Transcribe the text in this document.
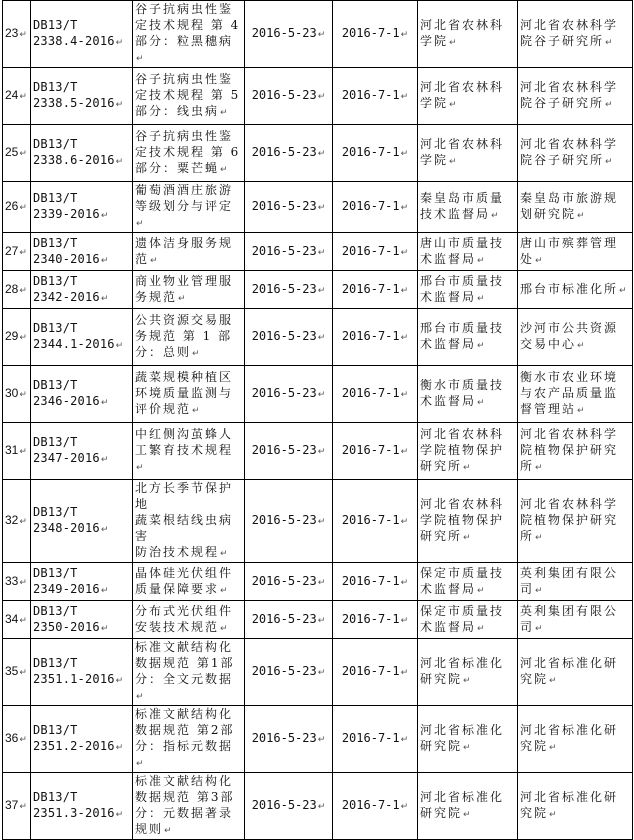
23 ↵	DB13/T
2338.4-2016 ↵	谷子抗病虫性鉴
定技术规程 第 4
部分：粒黑穗病 ↵	2016-5-23 ↵	2016-7-1 ↵	河北省农林科
学院 ↵	河北省农林科学
院谷子研究所 ↵

24 ↵	DB13/T
2338.5-2016 ↵	谷子抗病虫性鉴
定技术规程 第 5
部分：线虫病 ↵	2016-5-23 ↵	2016-7-1 ↵	河北省农林科
学院 ↵	河北省农林科学
院谷子研究所 ↵

25 ↵	DB13/T
2338.6-2016 ↵	谷子抗病虫性鉴
定技术规程 第 6
部分：粟芒蝇 ↵	2016-5-23 ↵	2016-7-1 ↵	河北省农林科
学院 ↵	河北省农林科学
院谷子研究所 ↵

26 ↵	DB13/T
2339-2016 ↵	葡萄酒酒庄旅游
等级划分与评定 ↵	2016-5-23 ↵	2016-7-1 ↵	秦皇岛市质量
技术监督局 ↵	秦皇岛市旅游规
划研究院 ↵

27 ↵	DB13/T
2340-2016 ↵	遗体洁身服务规
范 ↵	2016-5-23 ↵	2016-7-1 ↵	唐山市质量技
术监督局 ↵	唐山市殡葬管理
处 ↵

28 ↵	DB13/T
2342-2016 ↵	商业物业管理服
务规范 ↵	2016-5-23 ↵	2016-7-1 ↵	邢台市质量技
术监督局 ↵	邢台市标准化所 ↵

29 ↵	DB13/T
2344.1-2016 ↵	公共资源交易服
务规范 第 1 部
分：总则 ↵	2016-5-23 ↵	2016-7-1 ↵	邢台市质量技
术监督局 ↵	沙河市公共资源
交易中心 ↵

30 ↵	DB13/T
2346-2016 ↵	蔬菜规模种植区
环境质量监测与
评价规范 ↵	2016-5-23 ↵	2016-7-1 ↵	衡水市质量技
术监督局 ↵	衡水市农业环境
与农产品质量监
督管理站 ↵

31 ↵	DB13/T
2347-2016 ↵	中红侧沟茧蜂人
工繁育技术规程 ↵	2016-5-23 ↵	2016-7-1 ↵	河北省农林科
学院植物保护
研究所 ↵	河北省农林科学
院植物保护研究
所 ↵

32 ↵	DB13/T
2348-2016 ↵	北方长季节保护地
蔬菜根结线虫病害
防治技术规程 ↵	2016-5-23 ↵	2016-7-1 ↵	河北省农林科
学院植物保护
研究所 ↵	河北省农林科学
院植物保护研究
所 ↵

33 ↵	DB13/T
2349-2016 ↵	晶体硅光伏组件
质量保障要求 ↵	2016-5-23 ↵	2016-7-1 ↵	保定市质量技
术监督局 ↵	英利集团有限公
司 ↵

34 ↵	DB13/T
2350-2016 ↵	分布式光伏组件
安装技术规范 ↵	2016-5-23 ↵	2016-7-1 ↵	保定市质量技
术监督局 ↵	英利集团有限公
司 ↵

35 ↵	DB13/T
2351.1-2016 ↵	标准文献结构化
数据规范 第1部
分：全文元数据 ↵	2016-5-23 ↵	2016-7-1 ↵	河北省标准化
研究院 ↵	河北省标准化研
究院 ↵

36 ↵	DB13/T
2351.2-2016 ↵	标准文献结构化
数据规范 第2部
分：指标元数据 ↵	2016-5-23 ↵	2016-7-1 ↵	河北省标准化
研究院 ↵	河北省标准化研
究院 ↵

37 ↵	DB13/T
2351.3-2016 ↵	标准文献结构化
数据规范 第3部
分：元数据著录
规则 ↵	2016-5-23 ↵	2016-7-1 ↵	河北省标准化
研究院 ↵	河北省标准化研
究院 ↵
